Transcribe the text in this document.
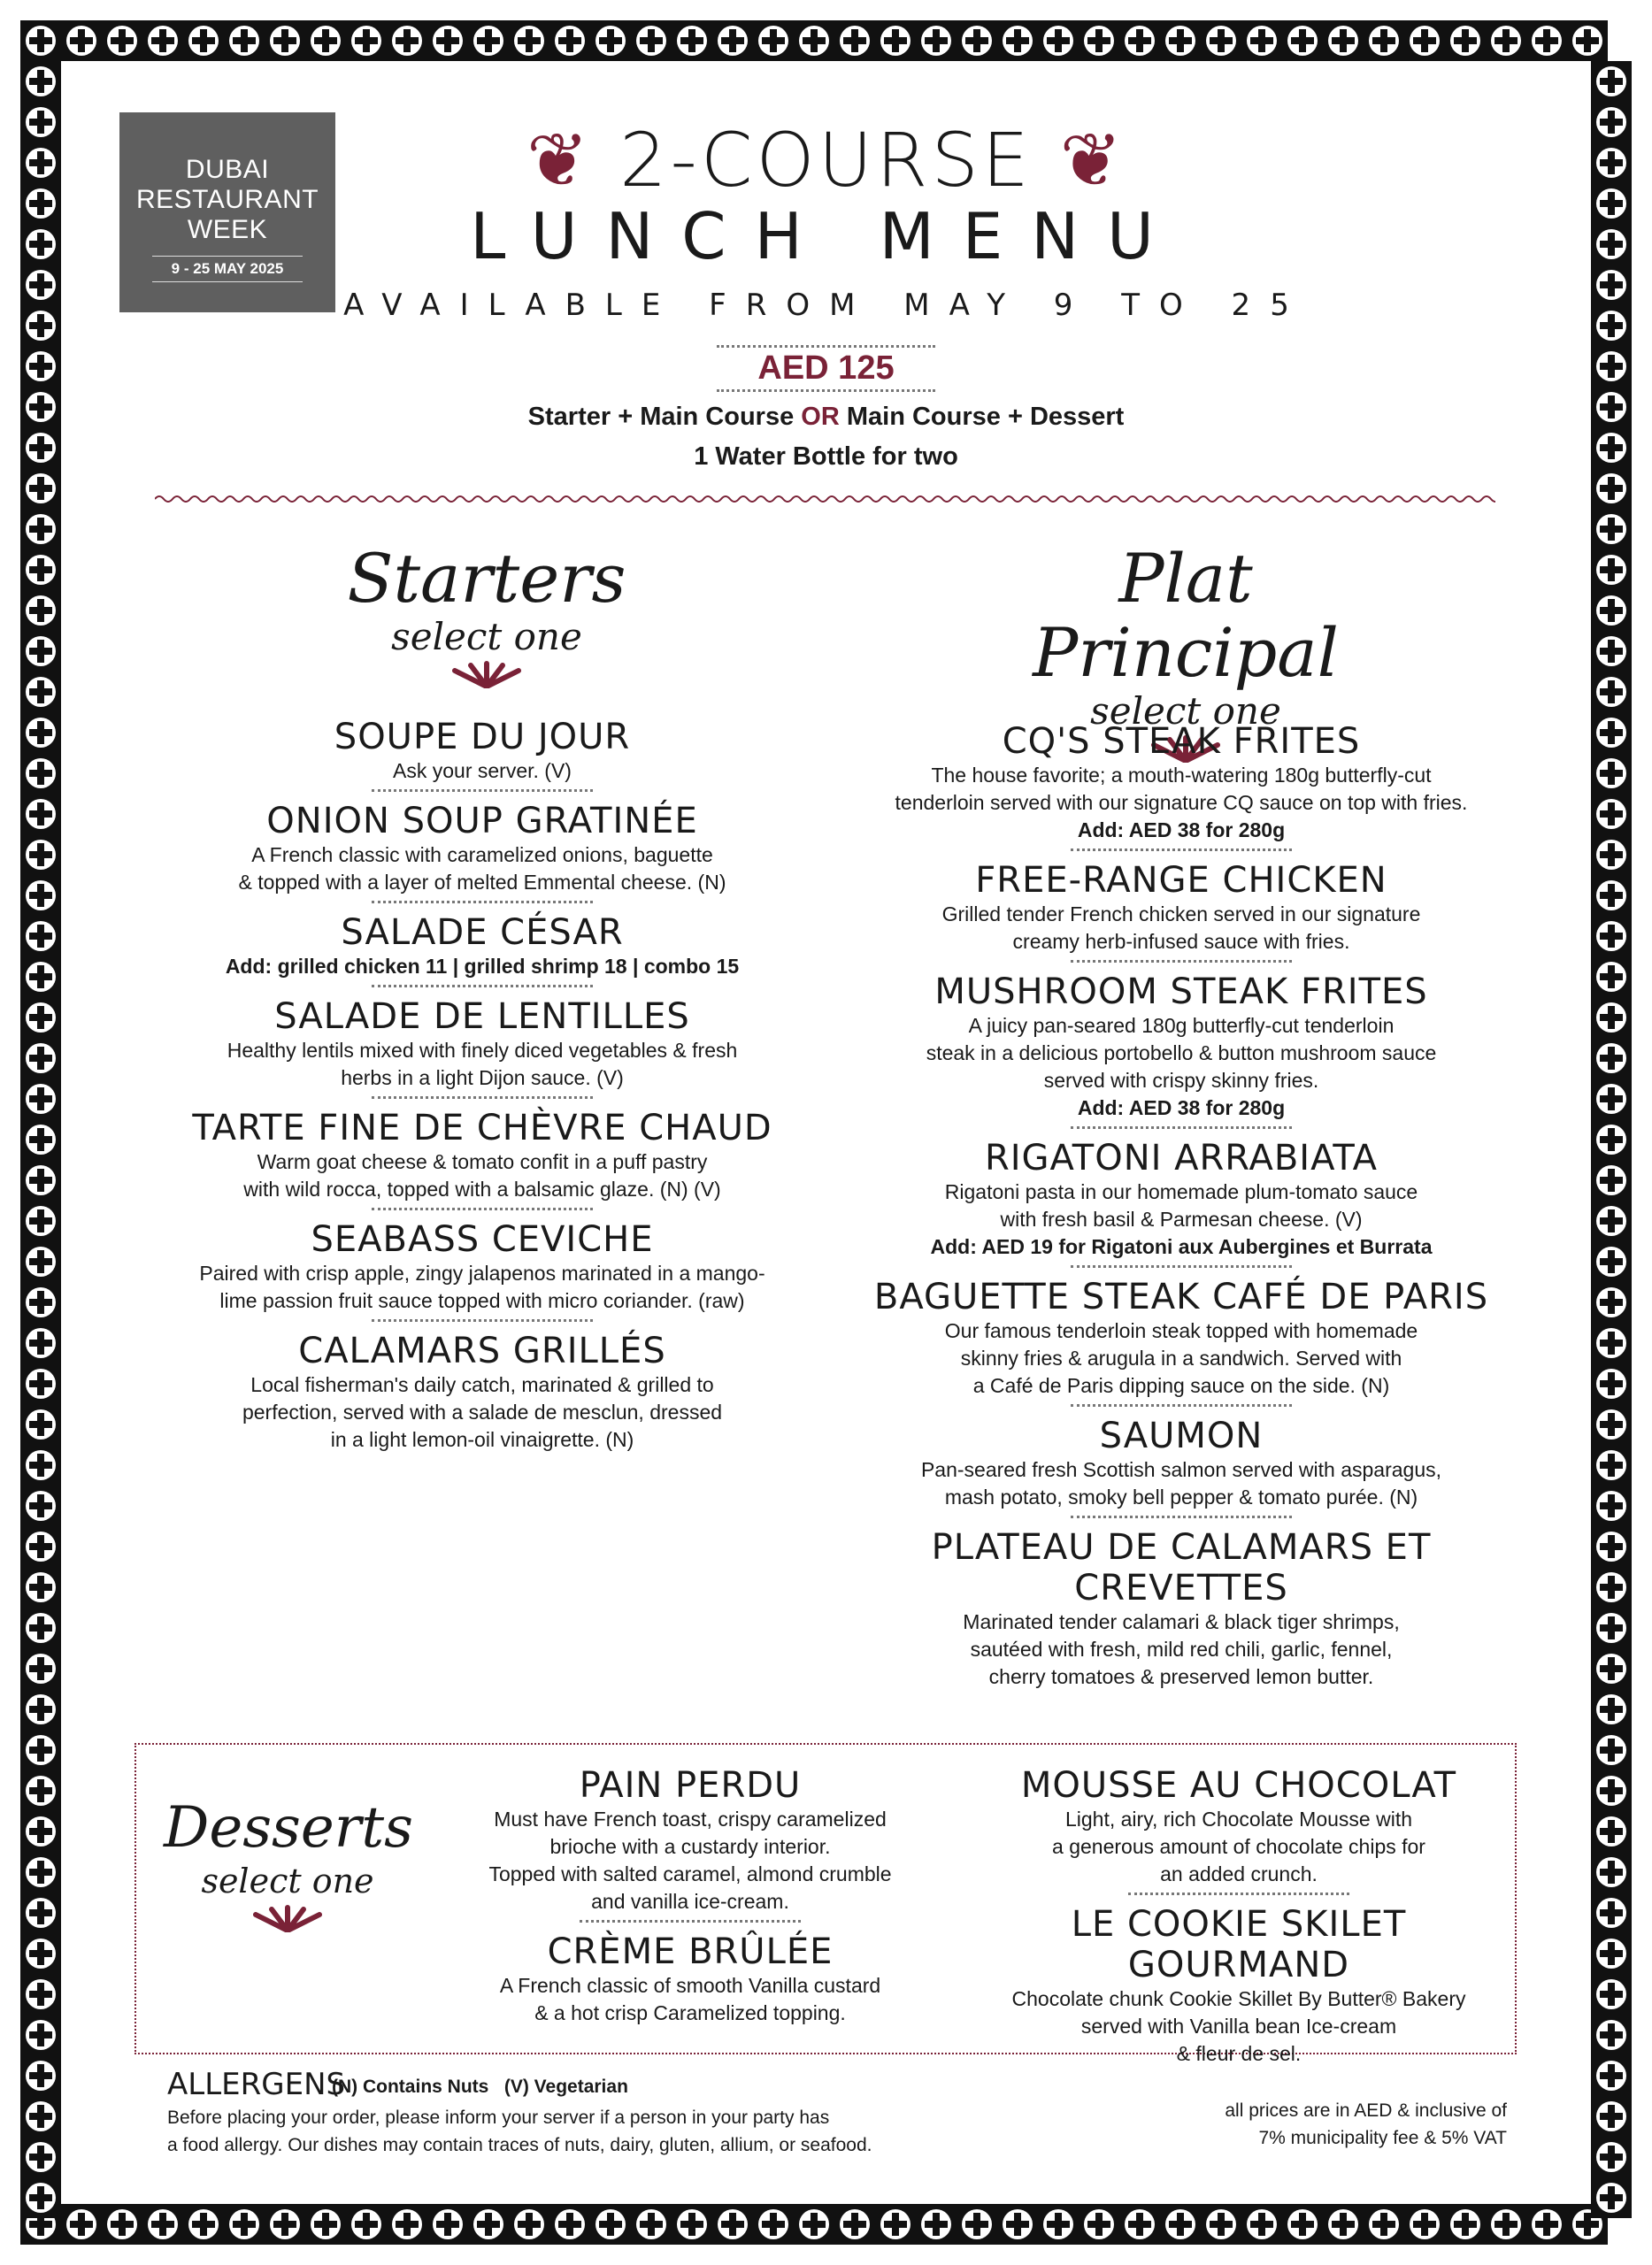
DUBAI
RESTAURANT
WEEK
9 - 25 MAY 2025
❦ 2-COURSE ❦
LUNCH MENU
AVAILABLE FROM MAY 9 TO 25
AED 125
Starter + Main Course OR Main Course + Dessert
1 Water Bottle for two
Starters
select one
Plat Principal
select one
SOUPE DU JOUR
Ask your server. (V)
ONION SOUP GRATINÉE
A French classic with caramelized onions, baguette
& topped with a layer of melted Emmental cheese. (N)
SALADE CÉSAR
Add: grilled chicken 11 | grilled shrimp 18 | combo 15
SALADE DE LENTILLES
Healthy lentils mixed with finely diced vegetables & fresh
herbs in a light Dijon sauce. (V)
TARTE FINE DE CHÈVRE CHAUD
Warm goat cheese & tomato confit in a puff pastry
with wild rocca, topped with a balsamic glaze. (N) (V)
SEABASS CEVICHE
Paired with crisp apple, zingy jalapenos marinated in a mango-
lime passion fruit sauce topped with micro coriander. (raw)
CALAMARS GRILLÉS
Local fisherman's daily catch, marinated & grilled to
perfection, served with a salade de mesclun, dressed
in a light lemon-oil vinaigrette. (N)
CQ'S STEAK FRITES
The house favorite; a mouth-watering 180g butterfly-cut
tenderloin served with our signature CQ sauce on top with fries.
Add: AED 38 for 280g
FREE-RANGE CHICKEN
Grilled tender French chicken served in our signature
creamy herb-infused sauce with fries.
MUSHROOM STEAK FRITES
A juicy pan-seared 180g butterfly-cut tenderloin
steak in a delicious portobello & button mushroom sauce
served with crispy skinny fries.
Add: AED 38 for 280g
RIGATONI ARRABIATA
Rigatoni pasta in our homemade plum-tomato sauce
with fresh basil & Parmesan cheese. (V)
Add: AED 19 for Rigatoni aux Aubergines et Burrata
BAGUETTE STEAK CAFÉ DE PARIS
Our famous tenderloin steak topped with homemade
skinny fries & arugula in a sandwich. Served with
a Café de Paris dipping sauce on the side. (N)
SAUMON
Pan-seared fresh Scottish salmon served with asparagus,
mash potato, smoky bell pepper & tomato purée. (N)
PLATEAU DE CALAMARS ET CREVETTES
Marinated tender calamari & black tiger shrimps,
sautéed with fresh, mild red chili, garlic, fennel,
cherry tomatoes & preserved lemon butter.
Desserts
select one
PAIN PERDU
Must have French toast, crispy caramelized
brioche with a custardy interior.
Topped with salted caramel, almond crumble
and vanilla ice-cream.
CRÈME BRÛLÉE
A French classic of smooth Vanilla custard
& a hot crisp Caramelized topping.
MOUSSE AU CHOCOLAT
Light, airy, rich Chocolate Mousse with
a generous amount of chocolate chips for
an added crunch.
LE COOKIE SKILET GOURMAND
Chocolate chunk Cookie Skillet By Butter® Bakery
served with Vanilla bean Ice-cream
& fleur de sel.
ALLERGENS
(N) Contains Nuts (V) Vegetarian
Before placing your order, please inform your server if a person in your party has
a food allergy. Our dishes may contain traces of nuts, dairy, gluten, allium, or seafood.
all prices are in AED & inclusive of
7% municipality fee & 5% VAT
